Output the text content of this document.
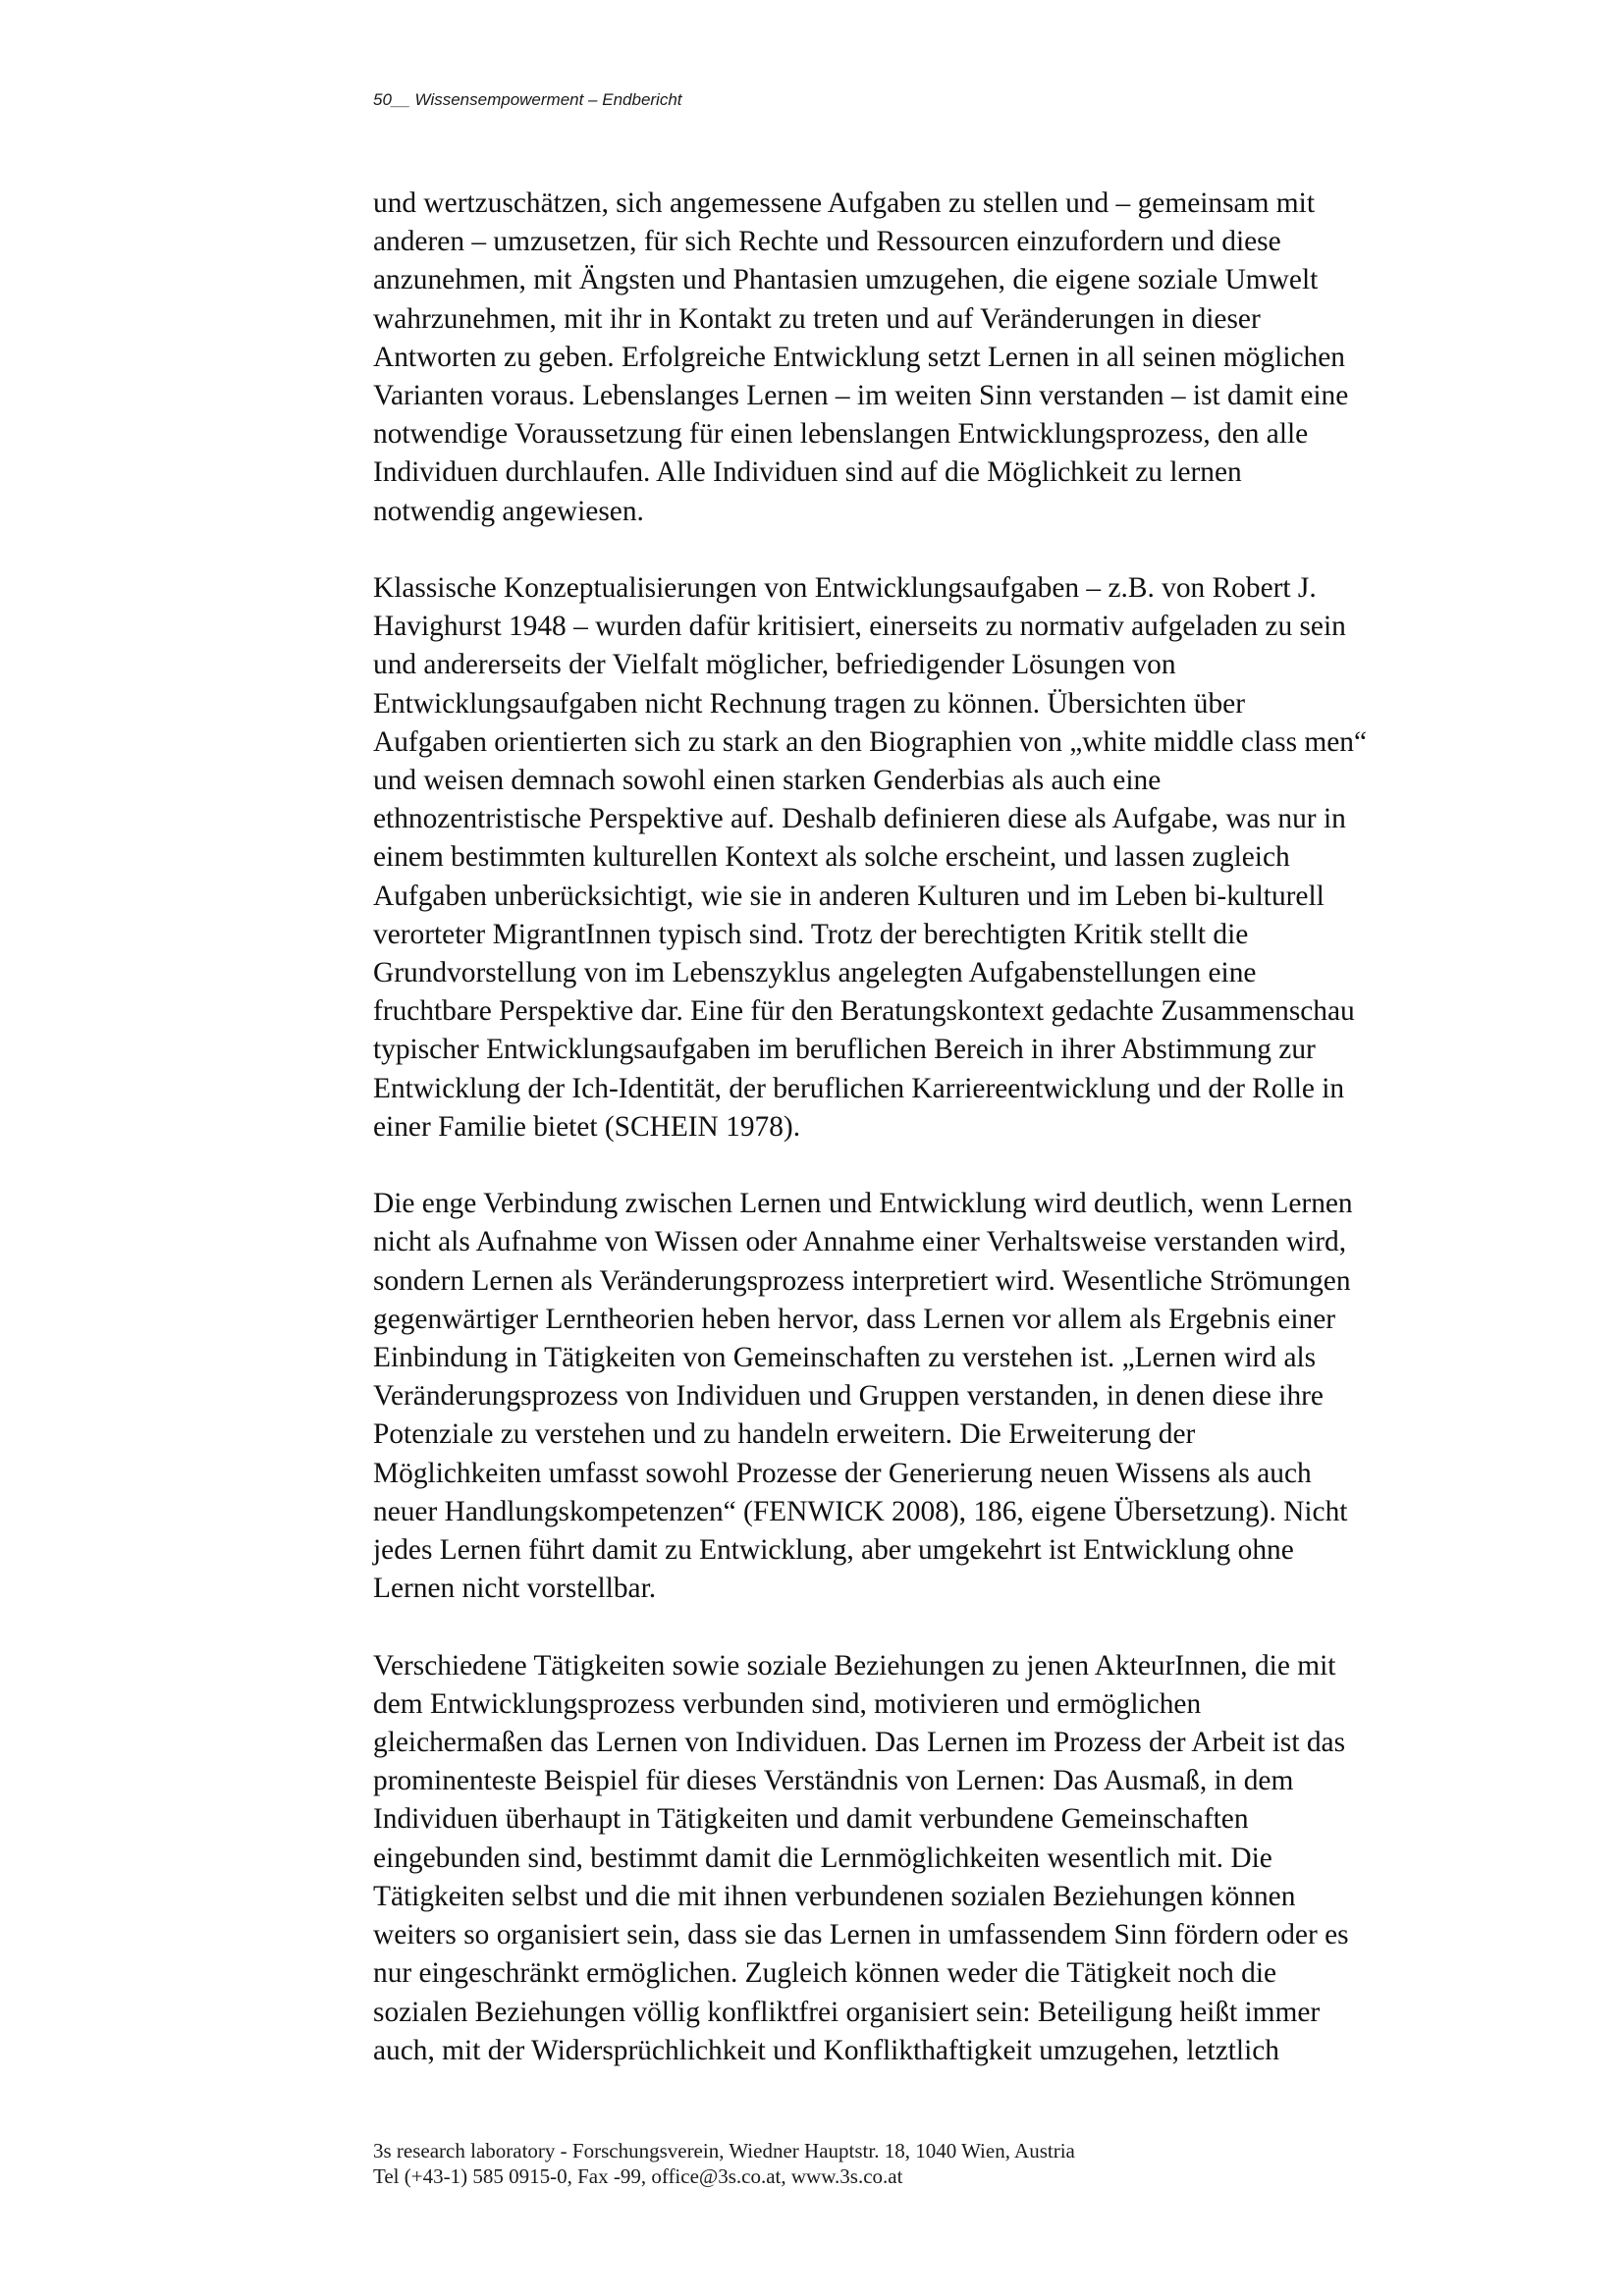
50__ Wissensempowerment – Endbericht
und wertzuschätzen, sich angemessene Aufgaben zu stellen und – gemeinsam mit
anderen – umzusetzen, für sich Rechte und Ressourcen einzufordern und diese
anzunehmen, mit Ängsten und Phantasien umzugehen, die eigene soziale Umwelt
wahrzunehmen, mit ihr in Kontakt zu treten und auf Veränderungen in dieser
Antworten zu geben. Erfolgreiche Entwicklung setzt Lernen in all seinen möglichen
Varianten voraus. Lebenslanges Lernen – im weiten Sinn verstanden – ist damit eine
notwendige Voraussetzung für einen lebenslangen Entwicklungsprozess, den alle
Individuen durchlaufen. Alle Individuen sind auf die Möglichkeit zu lernen
notwendig angewiesen.
Klassische Konzeptualisierungen von Entwicklungsaufgaben – z.B. von Robert J.
Havighurst 1948 – wurden dafür kritisiert, einerseits zu normativ aufgeladen zu sein
und andererseits der Vielfalt möglicher, befriedigender Lösungen von
Entwicklungsaufgaben nicht Rechnung tragen zu können. Übersichten über
Aufgaben orientierten sich zu stark an den Biographien von „white middle class men“
und weisen demnach sowohl einen starken Genderbias als auch eine
ethnozentristische Perspektive auf. Deshalb definieren diese als Aufgabe, was nur in
einem bestimmten kulturellen Kontext als solche erscheint, und lassen zugleich
Aufgaben unberücksichtigt, wie sie in anderen Kulturen und im Leben bi-kulturell
verorteter MigrantInnen typisch sind. Trotz der berechtigten Kritik stellt die
Grundvorstellung von im Lebenszyklus angelegten Aufgabenstellungen eine
fruchtbare Perspektive dar. Eine für den Beratungskontext gedachte Zusammenschau
typischer Entwicklungsaufgaben im beruflichen Bereich in ihrer Abstimmung zur
Entwicklung der Ich-Identität, der beruflichen Karriereentwicklung und der Rolle in
einer Familie bietet (SCHEIN 1978).
Die enge Verbindung zwischen Lernen und Entwicklung wird deutlich, wenn Lernen
nicht als Aufnahme von Wissen oder Annahme einer Verhaltsweise verstanden wird,
sondern Lernen als Veränderungsprozess interpretiert wird. Wesentliche Strömungen
gegenwärtiger Lerntheorien heben hervor, dass Lernen vor allem als Ergebnis einer
Einbindung in Tätigkeiten von Gemeinschaften zu verstehen ist. „Lernen wird als
Veränderungsprozess von Individuen und Gruppen verstanden, in denen diese ihre
Potenziale zu verstehen und zu handeln erweitern. Die Erweiterung der
Möglichkeiten umfasst sowohl Prozesse der Generierung neuen Wissens als auch
neuer Handlungskompetenzen“ (FENWICK 2008), 186, eigene Übersetzung). Nicht
jedes Lernen führt damit zu Entwicklung, aber umgekehrt ist Entwicklung ohne
Lernen nicht vorstellbar.
Verschiedene Tätigkeiten sowie soziale Beziehungen zu jenen AkteurInnen, die mit
dem Entwicklungsprozess verbunden sind, motivieren und ermöglichen
gleichermaßen das Lernen von Individuen. Das Lernen im Prozess der Arbeit ist das
prominenteste Beispiel für dieses Verständnis von Lernen: Das Ausmaß, in dem
Individuen überhaupt in Tätigkeiten und damit verbundene Gemeinschaften
eingebunden sind, bestimmt damit die Lernmöglichkeiten wesentlich mit. Die
Tätigkeiten selbst und die mit ihnen verbundenen sozialen Beziehungen können
weiters so organisiert sein, dass sie das Lernen in umfassendem Sinn fördern oder es
nur eingeschränkt ermöglichen. Zugleich können weder die Tätigkeit noch die
sozialen Beziehungen völlig konfliktfrei organisiert sein: Beteiligung heißt immer
auch, mit der Widersprüchlichkeit und Konflikthaftigkeit umzugehen, letztlich
3s research laboratory - Forschungsverein, Wiedner Hauptstr. 18, 1040 Wien, Austria
Tel (+43-1) 585 0915-0, Fax -99, office@3s.co.at, www.3s.co.at
